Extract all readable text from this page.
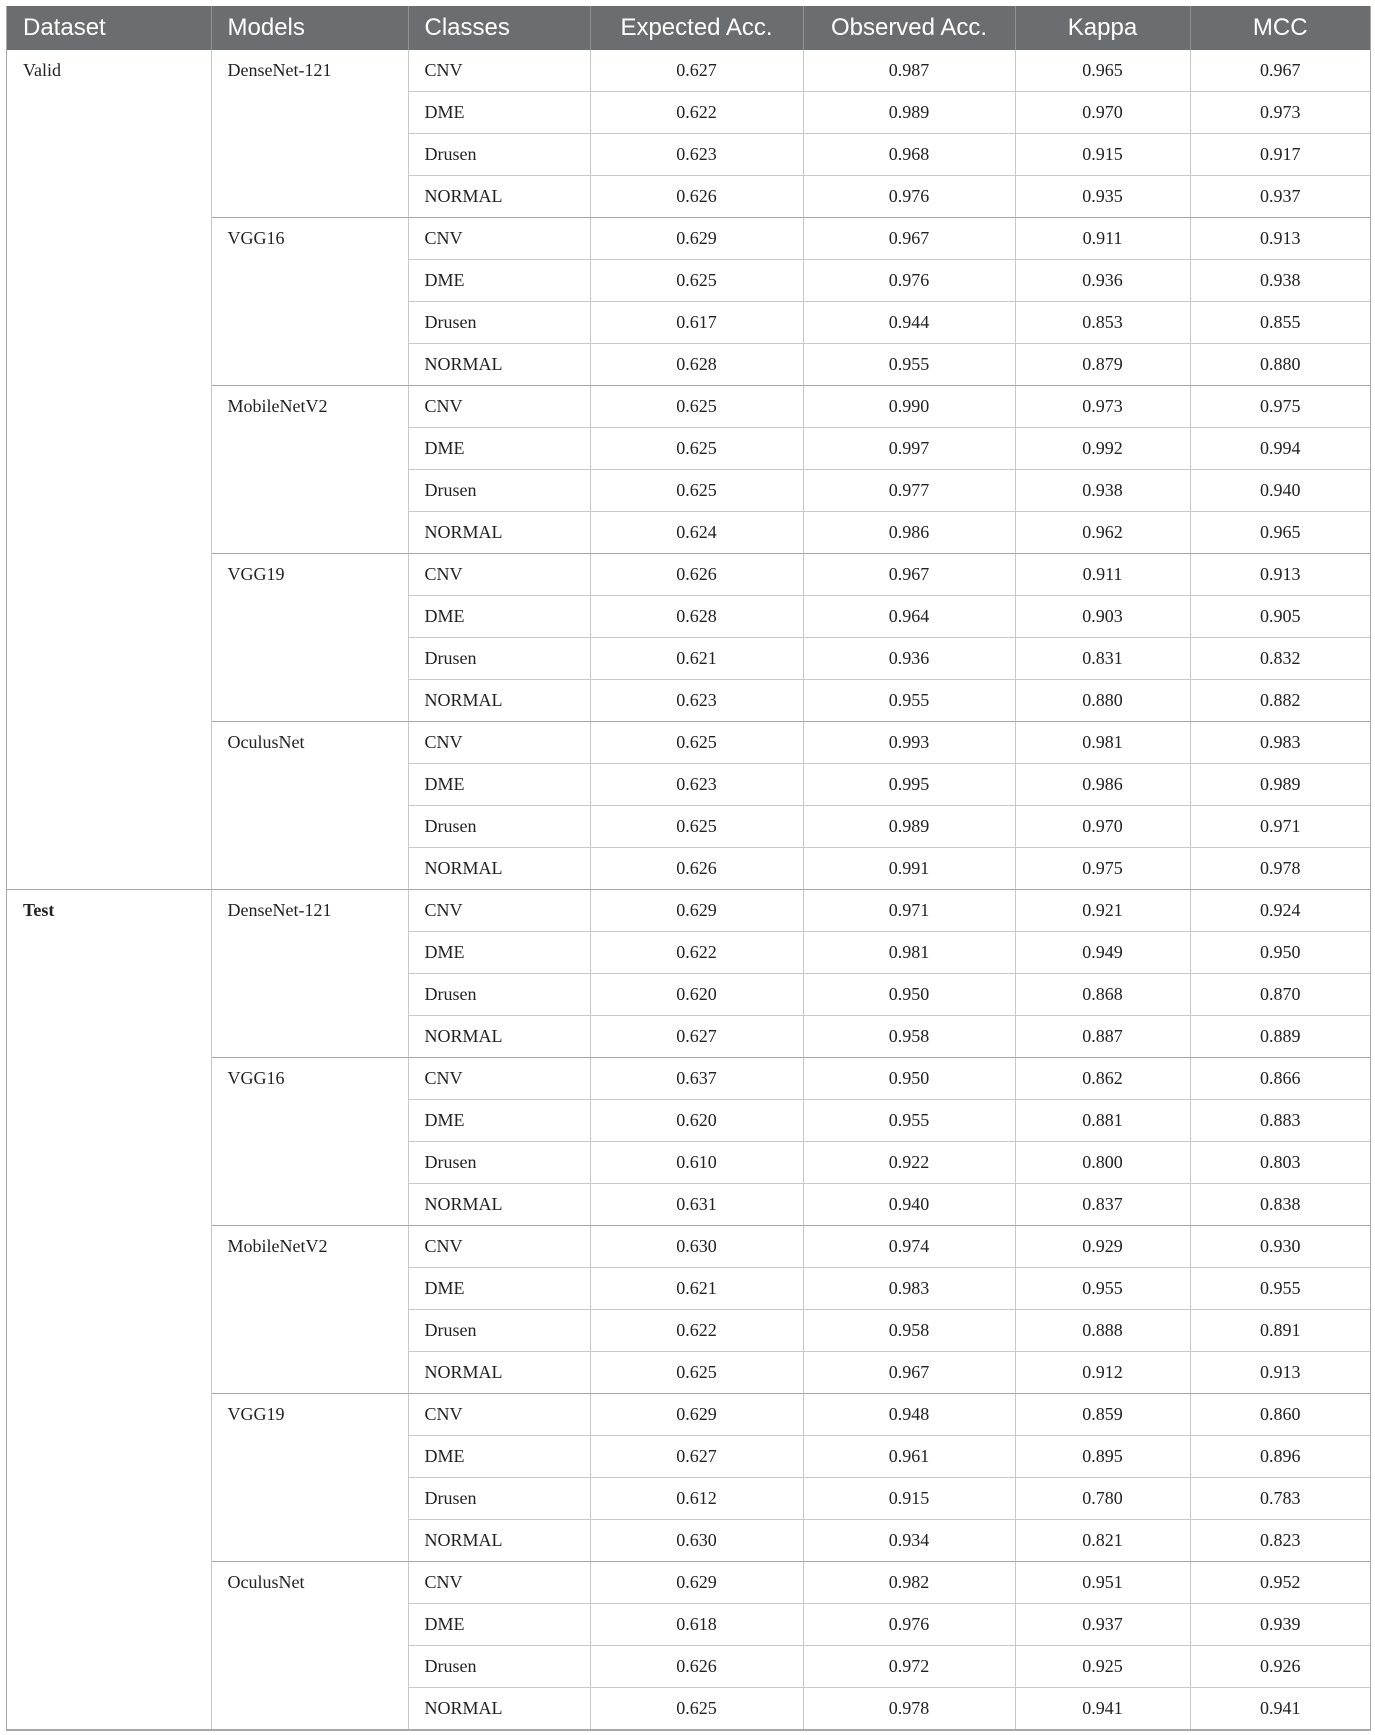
Dataset	Models	Classes	Expected Acc.	Observed Acc.	Kappa	MCC
Valid	DenseNet-121	CNV	0.627	0.987	0.965	0.967
		DME	0.622	0.989	0.970	0.973
		Drusen	0.623	0.968	0.915	0.917
		NORMAL	0.626	0.976	0.935	0.937
	VGG16	CNV	0.629	0.967	0.911	0.913
		DME	0.625	0.976	0.936	0.938
		Drusen	0.617	0.944	0.853	0.855
		NORMAL	0.628	0.955	0.879	0.880
	MobileNetV2	CNV	0.625	0.990	0.973	0.975
		DME	0.625	0.997	0.992	0.994
		Drusen	0.625	0.977	0.938	0.940
		NORMAL	0.624	0.986	0.962	0.965
	VGG19	CNV	0.626	0.967	0.911	0.913
		DME	0.628	0.964	0.903	0.905
		Drusen	0.621	0.936	0.831	0.832
		NORMAL	0.623	0.955	0.880	0.882
	OculusNet	CNV	0.625	0.993	0.981	0.983
		DME	0.623	0.995	0.986	0.989
		Drusen	0.625	0.989	0.970	0.971
		NORMAL	0.626	0.991	0.975	0.978
Test	DenseNet-121	CNV	0.629	0.971	0.921	0.924
		DME	0.622	0.981	0.949	0.950
		Drusen	0.620	0.950	0.868	0.870
		NORMAL	0.627	0.958	0.887	0.889
	VGG16	CNV	0.637	0.950	0.862	0.866
		DME	0.620	0.955	0.881	0.883
		Drusen	0.610	0.922	0.800	0.803
		NORMAL	0.631	0.940	0.837	0.838
	MobileNetV2	CNV	0.630	0.974	0.929	0.930
		DME	0.621	0.983	0.955	0.955
		Drusen	0.622	0.958	0.888	0.891
		NORMAL	0.625	0.967	0.912	0.913
	VGG19	CNV	0.629	0.948	0.859	0.860
		DME	0.627	0.961	0.895	0.896
		Drusen	0.612	0.915	0.780	0.783
		NORMAL	0.630	0.934	0.821	0.823
	OculusNet	CNV	0.629	0.982	0.951	0.952
		DME	0.618	0.976	0.937	0.939
		Drusen	0.626	0.972	0.925	0.926
		NORMAL	0.625	0.978	0.941	0.941
